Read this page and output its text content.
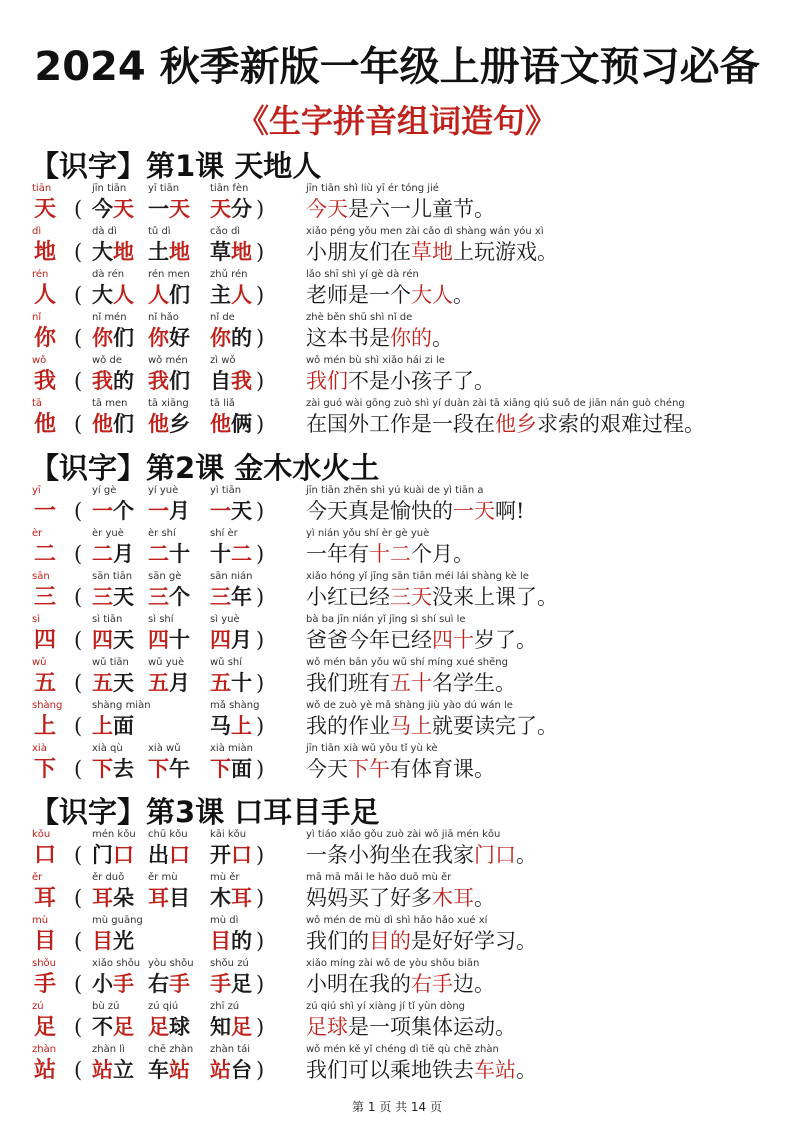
2024 秋季新版一年级上册语文预习必备
《生字拼音组词造句》
【识字】第1课 天地人
tiān
天 (
jīn tiān
今天
yī tiān
一天
tiān fèn
天分 )
jīn tiān shì liù yī ér tóng jié
今天是六一儿童节。
dì
地 (
dà dì
大地
tǔ dì
土地
cǎo dì
草地 )
xiǎo péng yǒu men zài cǎo dì shàng wán yóu xì
小朋友们在草地上玩游戏。
rén
人 (
dà rén
大人
rén men
人们
zhǔ rén
主人 )
lǎo shī shì yí gè dà rén
老师是一个大人。
nǐ
你 (
nǐ mén
你们
nǐ hǎo
你好
nǐ de
你的 )
zhè běn shū shì nǐ de
这本书是你的。
wǒ
我 (
wǒ de
我的
wǒ mén
我们
zì wǒ
自我 )
wǒ mén bù shì xiǎo hái zi le
我们不是小孩子了。
tā
他 (
tā men
他们
tā xiāng
他乡
tā liǎ
他俩 )
zài guó wài gōng zuò shì yí duàn zài tā xiāng qiú suǒ de jiān nán guò chéng
在国外工作是一段在他乡求索的艰难过程。
【识字】第2课 金木水火土
yī
一 (
yí gè
一个
yí yuè
一月
yì tiān
一天 )
jīn tiān zhēn shì yú kuài de yì tiān a
今天真是愉快的一天啊!
èr
二 (
èr yuè
二月
èr shí
二十
shí èr
十二 )
yì nián yǒu shí èr gè yuè
一年有十二个月。
sān
三 (
sān tiān
三天
sān gè
三个
sān nián
三年 )
xiǎo hóng yǐ jīng sān tiān méi lái shàng kè le
小红已经三天没来上课了。
sì
四 (
sì tiān
四天
sì shí
四十
sì yuè
四月 )
bà ba jīn nián yǐ jīng sì shí suì le
爸爸今年已经四十岁了。
wǔ
五 (
wǔ tiān
五天
wǔ yuè
五月
wǔ shí
五十 )
wǒ mén bān yǒu wǔ shí míng xué shēng
我们班有五十名学生。
shàng
上 (
shàng miàn
上面
mǎ shàng
马上 )
wǒ de zuò yè mǎ shàng jiù yào dú wán le
我的作业马上就要读完了。
xià
下 (
xià qù
下去
xià wǔ
下午
xià miàn
下面 )
jīn tiān xià wǔ yǒu tǐ yù kè
今天下午有体育课。
【识字】第3课 口耳目手足
kǒu
口 (
mén kǒu
门口
chū kǒu
出口
kāi kǒu
开口 )
yì tiáo xiǎo gǒu zuò zài wǒ jiā mén kǒu
一条小狗坐在我家门口。
ěr
耳 (
ěr duǒ
耳朵
ěr mù
耳目
mù ěr
木耳 )
mā mā mǎi le hǎo duō mù ěr
妈妈买了好多木耳。
mù
目 (
mù guāng
目光
mù dì
目的 )
wǒ mén de mù dì shì hǎo hǎo xué xí
我们的目的是好好学习。
shǒu
手 (
xiǎo shǒu
小手
yòu shǒu
右手
shǒu zú
手足 )
xiǎo míng zài wǒ de yòu shǒu biān
小明在我的右手边。
zú
足 (
bù zú
不足
zú qiú
足球
zhī zú
知足 )
zú qiú shì yí xiàng jí tǐ yùn dòng
足球是一项集体运动。
zhàn
站 (
zhàn lì
站立
chē zhàn
车站
zhàn tái
站台 )
wǒ mén kě yǐ chéng dì tiě qù chē zhàn
我们可以乘地铁去车站。
第 1 页 共 14 页
